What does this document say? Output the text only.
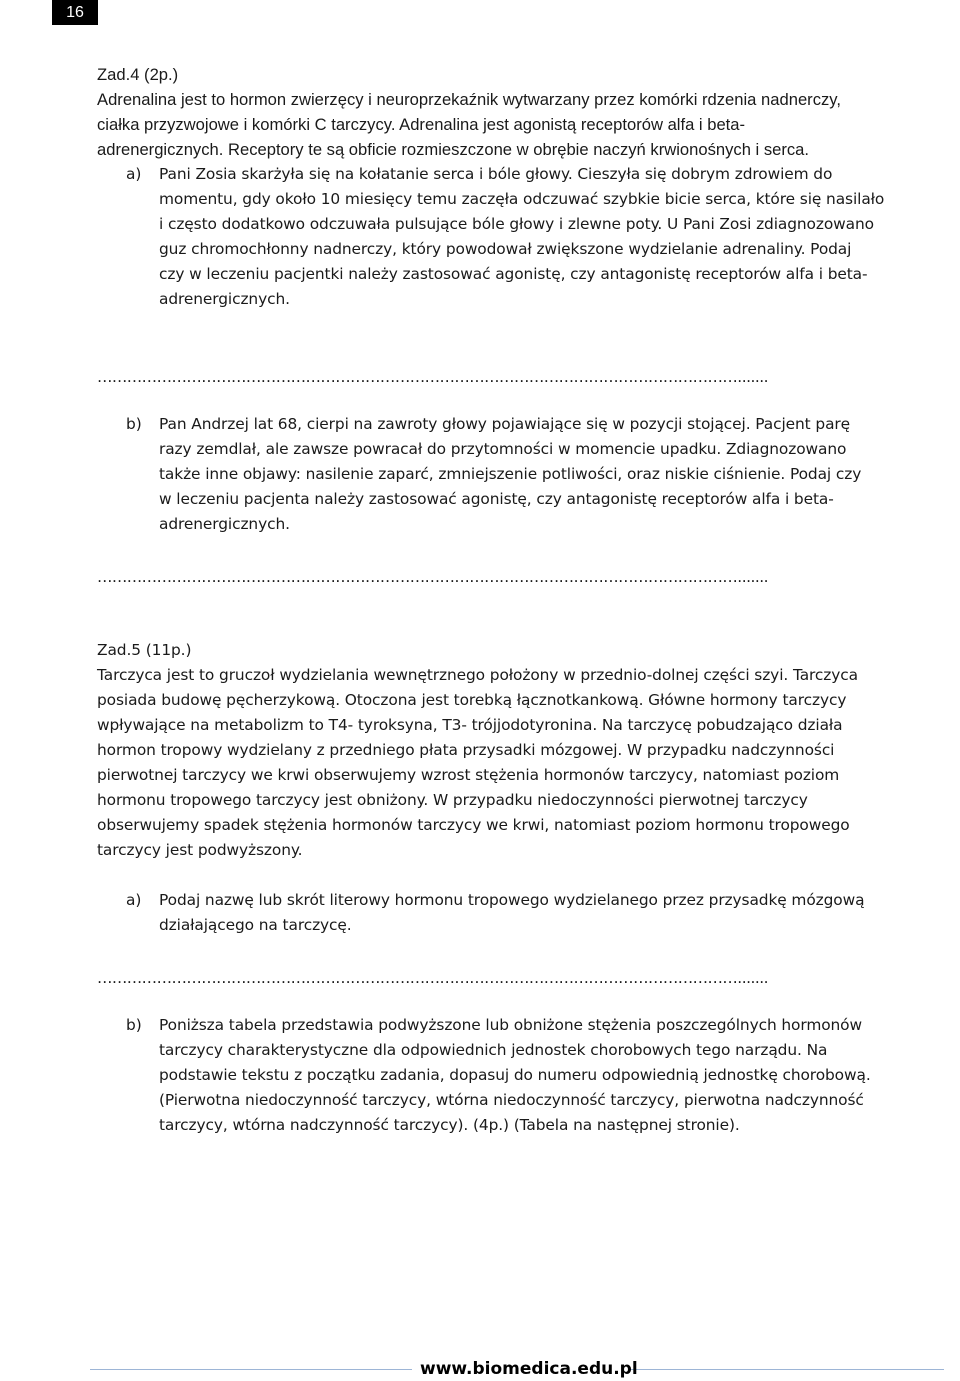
16
Zad.4 (2p.)
Adrenalina jest to hormon zwierzęcy i neuroprzekaźnik wytwarzany przez komórki rdzenia nadnerczy,
ciałka przyzwojowe i komórki C tarczycy. Adrenalina jest agonistą receptorów alfa i beta-
adrenergicznych. Receptory te są obficie rozmieszczone w obrębie naczyń krwionośnych i serca.
a) Pani Zosia skarżyła się na kołatanie serca i bóle głowy. Cieszyła się dobrym zdrowiem do
momentu, gdy około 10 miesięcy temu zaczęła odczuwać szybkie bicie serca, które się nasilało
i często dodatkowo odczuwała pulsujące bóle głowy i zlewne poty. U Pani Zosi zdiagnozowano
guz chromochłonny nadnerczy, który powodował zwiększone wydzielanie adrenaliny. Podaj
czy w leczeniu pacjentki należy zastosować agonistę, czy antagonistę receptorów alfa i beta-
adrenergicznych.
………………………………………………………………………………………………………………….......
b) Pan Andrzej lat 68, cierpi na zawroty głowy pojawiające się w pozycji stojącej. Pacjent parę
razy zemdlał, ale zawsze powracał do przytomności w momencie upadku. Zdiagnozowano
także inne objawy: nasilenie zaparć, zmniejszenie potliwości, oraz niskie ciśnienie. Podaj czy
w leczeniu pacjenta należy zastosować agonistę, czy antagonistę receptorów alfa i beta-
adrenergicznych.
………………………………………………………………………………………………………………….......
Zad.5 (11p.)
Tarczyca jest to gruczoł wydzielania wewnętrznego położony w przednio-dolnej części szyi. Tarczyca
posiada budowę pęcherzykową. Otoczona jest torebką łącznotkankową. Główne hormony tarczycy
wpływające na metabolizm to T4- tyroksyna, T3- trójjodotyronina. Na tarczycę pobudzająco działa
hormon tropowy wydzielany z przedniego płata przysadki mózgowej. W przypadku nadczynności
pierwotnej tarczycy we krwi obserwujemy wzrost stężenia hormonów tarczycy, natomiast poziom
hormonu tropowego tarczycy jest obniżony. W przypadku niedoczynności pierwotnej tarczycy
obserwujemy spadek stężenia hormonów tarczycy we krwi, natomiast poziom hormonu tropowego
tarczycy jest podwyższony.
a) Podaj nazwę lub skrót literowy hormonu tropowego wydzielanego przez przysadkę mózgową
działającego na tarczycę.
………………………………………………………………………………………………………………….......
b) Poniższa tabela przedstawia podwyższone lub obniżone stężenia poszczególnych hormonów
tarczycy charakterystyczne dla odpowiednich jednostek chorobowych tego narządu. Na
podstawie tekstu z początku zadania, dopasuj do numeru odpowiednią jednostkę chorobową.
(Pierwotna niedoczynność tarczycy, wtórna niedoczynność tarczycy, pierwotna nadczynność
tarczycy, wtórna nadczynność tarczycy). (4p.) (Tabela na następnej stronie).
www.biomedica.edu.pl
